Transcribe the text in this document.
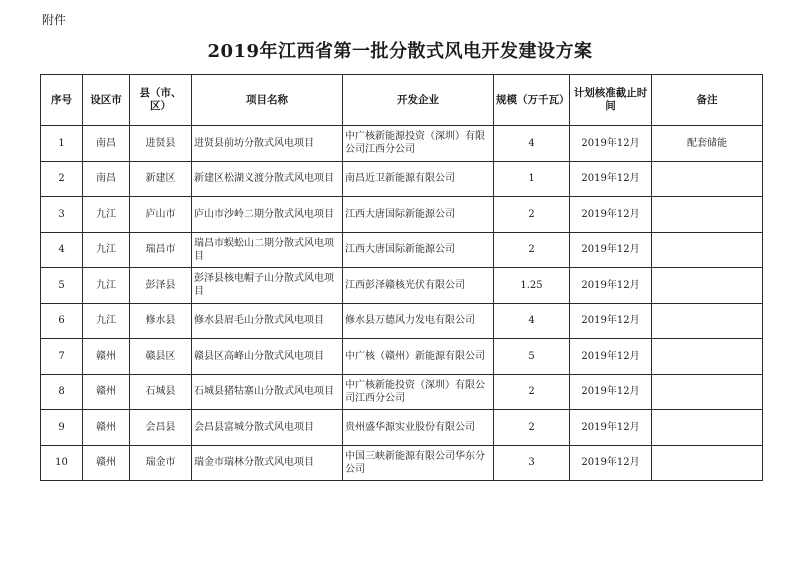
附件
2019年江西省第一批分散式风电开发建设方案
序号	设区市	县（市、区）	项目名称	开发企业	规模（万千瓦）	计划核准截止时间	备注
1	南昌	进贤县	进贤县前坊分散式风电项目	中广核新能源投资（深圳）有限公司江西分公司	4	2019年12月	配套储能
2	南昌	新建区	新建区松湖义渡分散式风电项目	南昌近卫新能源有限公司	1	2019年12月	
3	九江	庐山市	庐山市沙岭二期分散式风电项目	江西大唐国际新能源公司	2	2019年12月	
4	九江	瑞昌市	瑞昌市蜈蚣山二期分散式风电项目	江西大唐国际新能源公司	2	2019年12月	
5	九江	彭泽县	彭泽县核电帽子山分散式风电项目	江西彭泽赣核光伏有限公司	1.25	2019年12月	
6	九江	修水县	修水县眉毛山分散式风电项目	修水县万德风力发电有限公司	4	2019年12月	
7	赣州	赣县区	赣县区高峰山分散式风电项目	中广核（赣州）新能源有限公司	5	2019年12月	
8	赣州	石城县	石城县猪牯寨山分散式风电项目	中广核新能投资（深圳）有限公司江西分公司	2	2019年12月	
9	赣州	会昌县	会昌县富城分散式风电项目	贵州盛华源实业股份有限公司	2	2019年12月	
10	赣州	瑞金市	瑞金市瑞林分散式风电项目	中国三峡新能源有限公司华东分公司	3	2019年12月	
